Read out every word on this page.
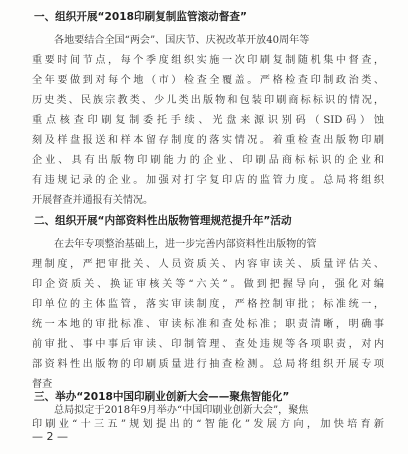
一、组织开展“2018印刷复制监管滚动督查”
各地要结合全国“两会”、国庆节、庆祝改革开放40周年等
重要时间节点，每个季度组织实施一次印刷复制随机集中督查，
全年要做到对每个地（市）检查全覆盖。严格检查印制政治类、
历史类、民族宗教类、少儿类出版物和包装印刷商标标识的情况，
重点核查印刷复制委托手续、光盘来源识别码（SID码）蚀
刻及样盘报送和样本留存制度的落实情况。着重检查出版物印刷
企业、具有出版物印刷能力的企业、印刷品商标标识的企业和
有违规记录的企业。加强对打字复印店的监管力度。总局将组织
开展督查并通报有关情况。
二、组织开展“内部资料性出版物管理规范提升年”活动
在去年专项整治基础上，进一步完善内部资料性出版物的管
理制度，严把审批关、人员资质关、内容审读关、质量评估关、
印企资质关、换证审核关等“六关”。做到把握导向，强化对编
印单位的主体监管，落实审读制度，严格控制审批；标准统一，
统一本地的审批标准、审读标准和查处标准；职责清晰，明确事
前审批、事中事后审读、印制管理、查处违规等各项职责，对内
部资料性出版物的印刷质量进行抽查检测。总局将组织开展专项
督查
三、举办“2018中国印刷业创新大会——聚焦智能化”
总局拟定于2018年9月举办“中国印刷业创新大会”，聚焦
印刷业“十三五”规划提出的“智能化”发展方向，加快培育新
— 2 —
